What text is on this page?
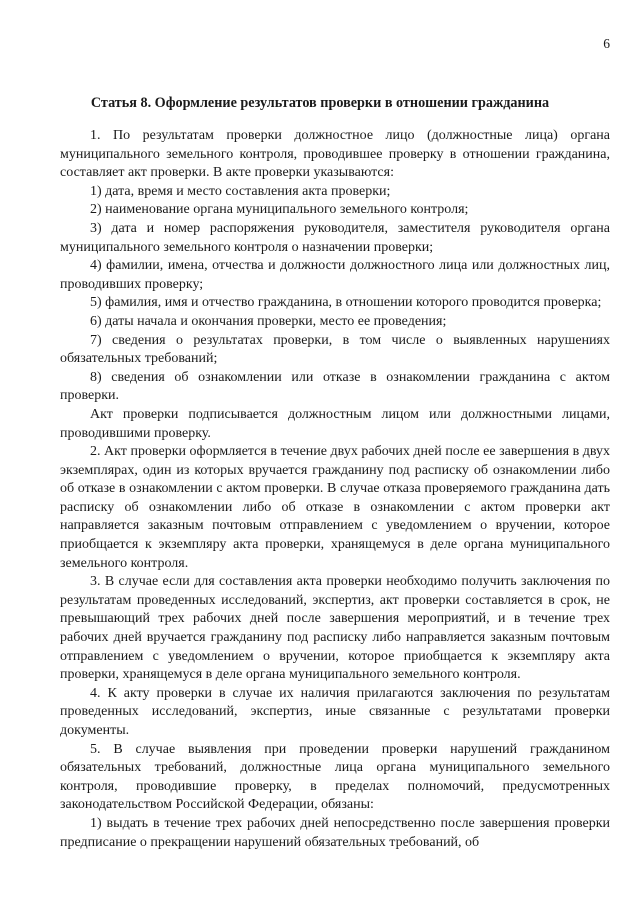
6
Статья 8. Оформление результатов проверки в отношении гражданина

1. По результатам проверки должностное лицо (должностные лица) органа муниципального земельного контроля, проводившее проверку в отношении гражданина, составляет акт проверки. В акте проверки указываются:

1) дата, время и место составления акта проверки;

2) наименование органа муниципального земельного контроля;

3) дата и номер распоряжения руководителя, заместителя руководителя органа муниципального земельного контроля о назначении проверки;

4) фамилии, имена, отчества и должности должностного лица или должностных лиц, проводивших проверку;

5) фамилия, имя и отчество гражданина, в отношении которого проводится проверка;

6) даты начала и окончания проверки, место ее проведения;

7) сведения о результатах проверки, в том числе о выявленных нарушениях обязательных требований;

8) сведения об ознакомлении или отказе в ознакомлении гражданина с актом проверки.

Акт проверки подписывается должностным лицом или должностными лицами, проводившими проверку.

2. Акт проверки оформляется в течение двух рабочих дней после ее завершения в двух экземплярах, один из которых вручается гражданину под расписку об ознакомлении либо об отказе в ознакомлении с актом проверки. В случае отказа проверяемого гражданина дать расписку об ознакомлении либо об отказе в ознакомлении с актом проверки акт направляется заказным почтовым отправлением с уведомлением о вручении, которое приобщается к экземпляру акта проверки, хранящемуся в деле органа муниципального земельного контроля.

3. В случае если для составления акта проверки необходимо получить заключения по результатам проведенных исследований, экспертиз, акт проверки составляется в срок, не превышающий трех рабочих дней после завершения мероприятий, и в течение трех рабочих дней вручается гражданину под расписку либо направляется заказным почтовым отправлением с уведомлением о вручении, которое приобщается к экземпляру акта проверки, хранящемуся в деле органа муниципального земельного контроля.

4. К акту проверки в случае их наличия прилагаются заключения по результатам проведенных исследований, экспертиз, иные связанные с результатами проверки документы.

5. В случае выявления при проведении проверки нарушений гражданином обязательных требований, должностные лица органа муниципального земельного контроля, проводившие проверку, в пределах полномочий, предусмотренных законодательством Российской Федерации, обязаны:

1) выдать в течение трех рабочих дней непосредственно после завершения проверки предписание о прекращении нарушений обязательных требований, об
